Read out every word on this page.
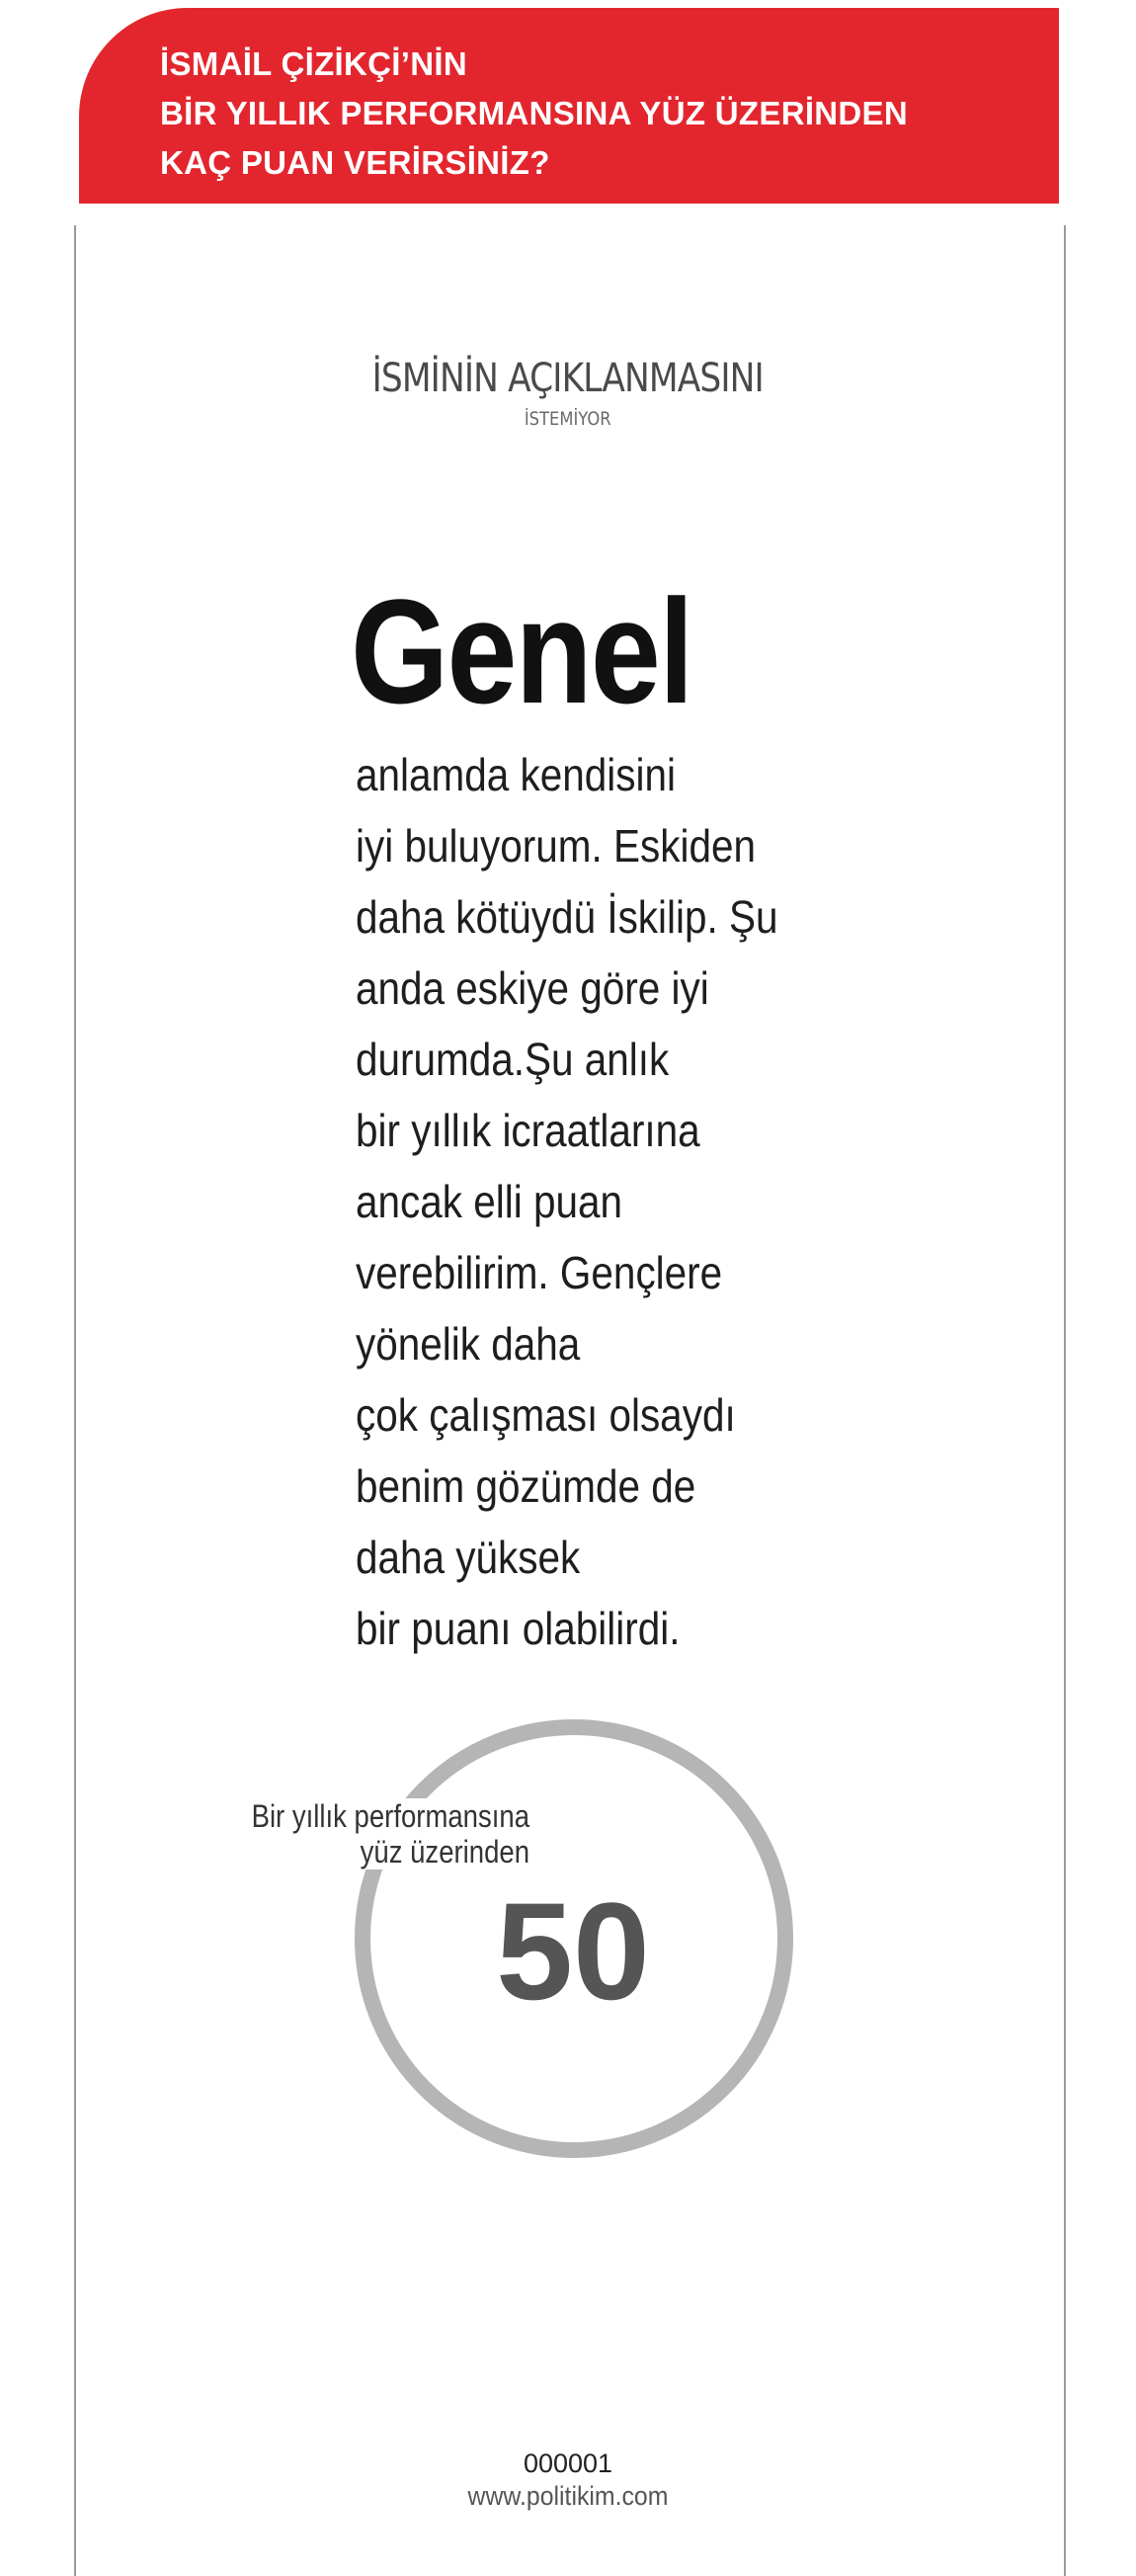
İSMAİL ÇİZİKÇİ’NİN
BİR YILLIK PERFORMANSINA YÜZ ÜZERİNDEN
KAÇ PUAN VERİRSİNİZ?
İSMİNİN AÇIKLANMASINI
İSTEMİYOR
Genel
anlamda kendisini
iyi buluyorum. Eskiden
daha kötüydü İskilip. Şu
anda eskiye göre iyi
durumda.Şu anlık
bir yıllık icraatlarına
ancak elli puan
verebilirim. Gençlere
yönelik daha
çok çalışması olsaydı
benim gözümde de
daha yüksek
bir puanı olabilirdi.
Bir yıllık performansına
yüz üzerinden
50
000001
www.politikim.com
